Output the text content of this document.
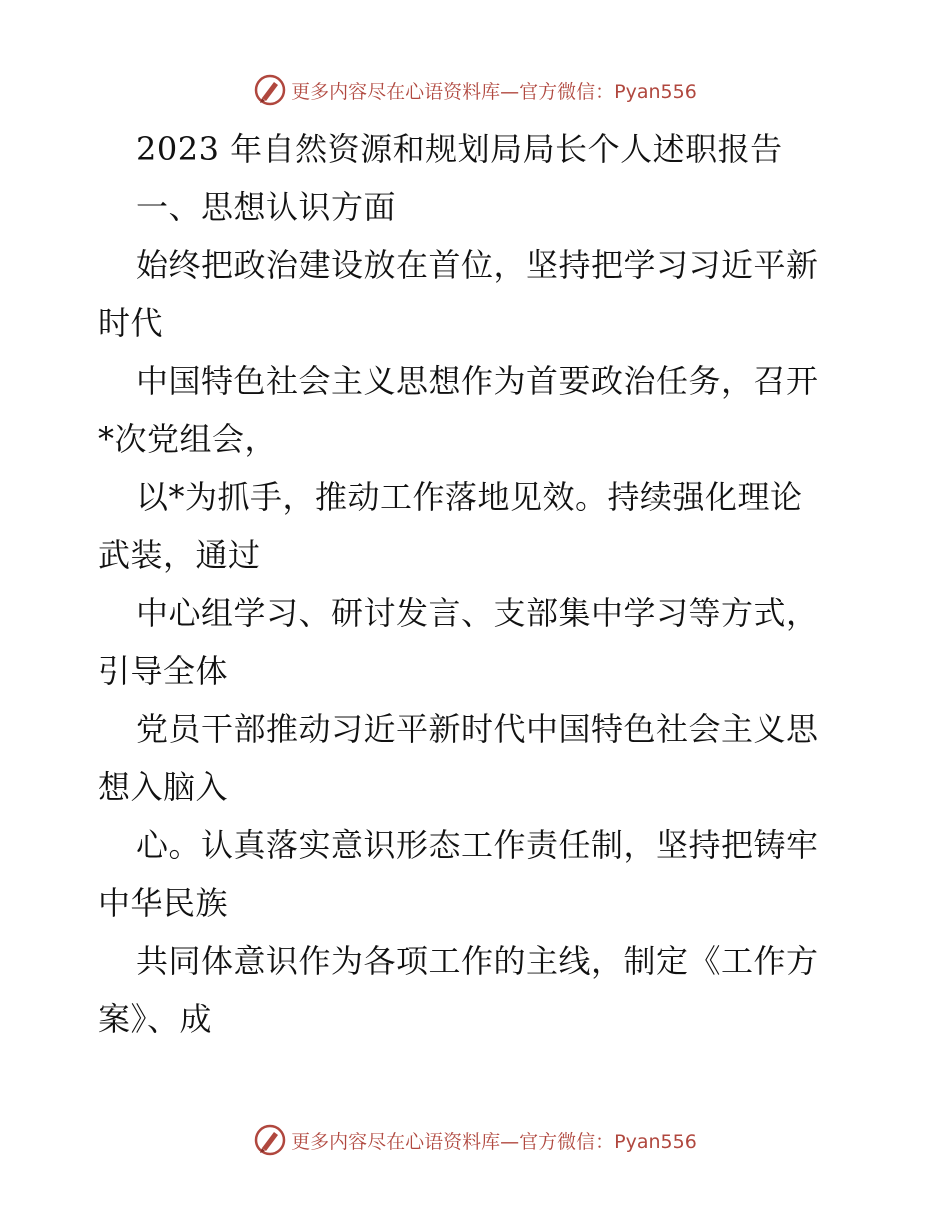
更多内容尽在心语资料库—官方微信：Pyan556
2023 年自然资源和规划局局长个人述职报告
一、思想认识方面
始终把政治建设放在首位，坚持把学习习近平新
时代
中国特色社会主义思想作为首要政治任务，召开
*次党组会，
以*为抓手，推动工作落地见效。持续强化理论
武装，通过
中心组学习、研讨发言、支部集中学习等方式，
引导全体
党员干部推动习近平新时代中国特色社会主义思
想入脑入
心。认真落实意识形态工作责任制，坚持把铸牢
中华民族
共同体意识作为各项工作的主线，制定《工作方
案》、成
更多内容尽在心语资料库—官方微信：Pyan556
